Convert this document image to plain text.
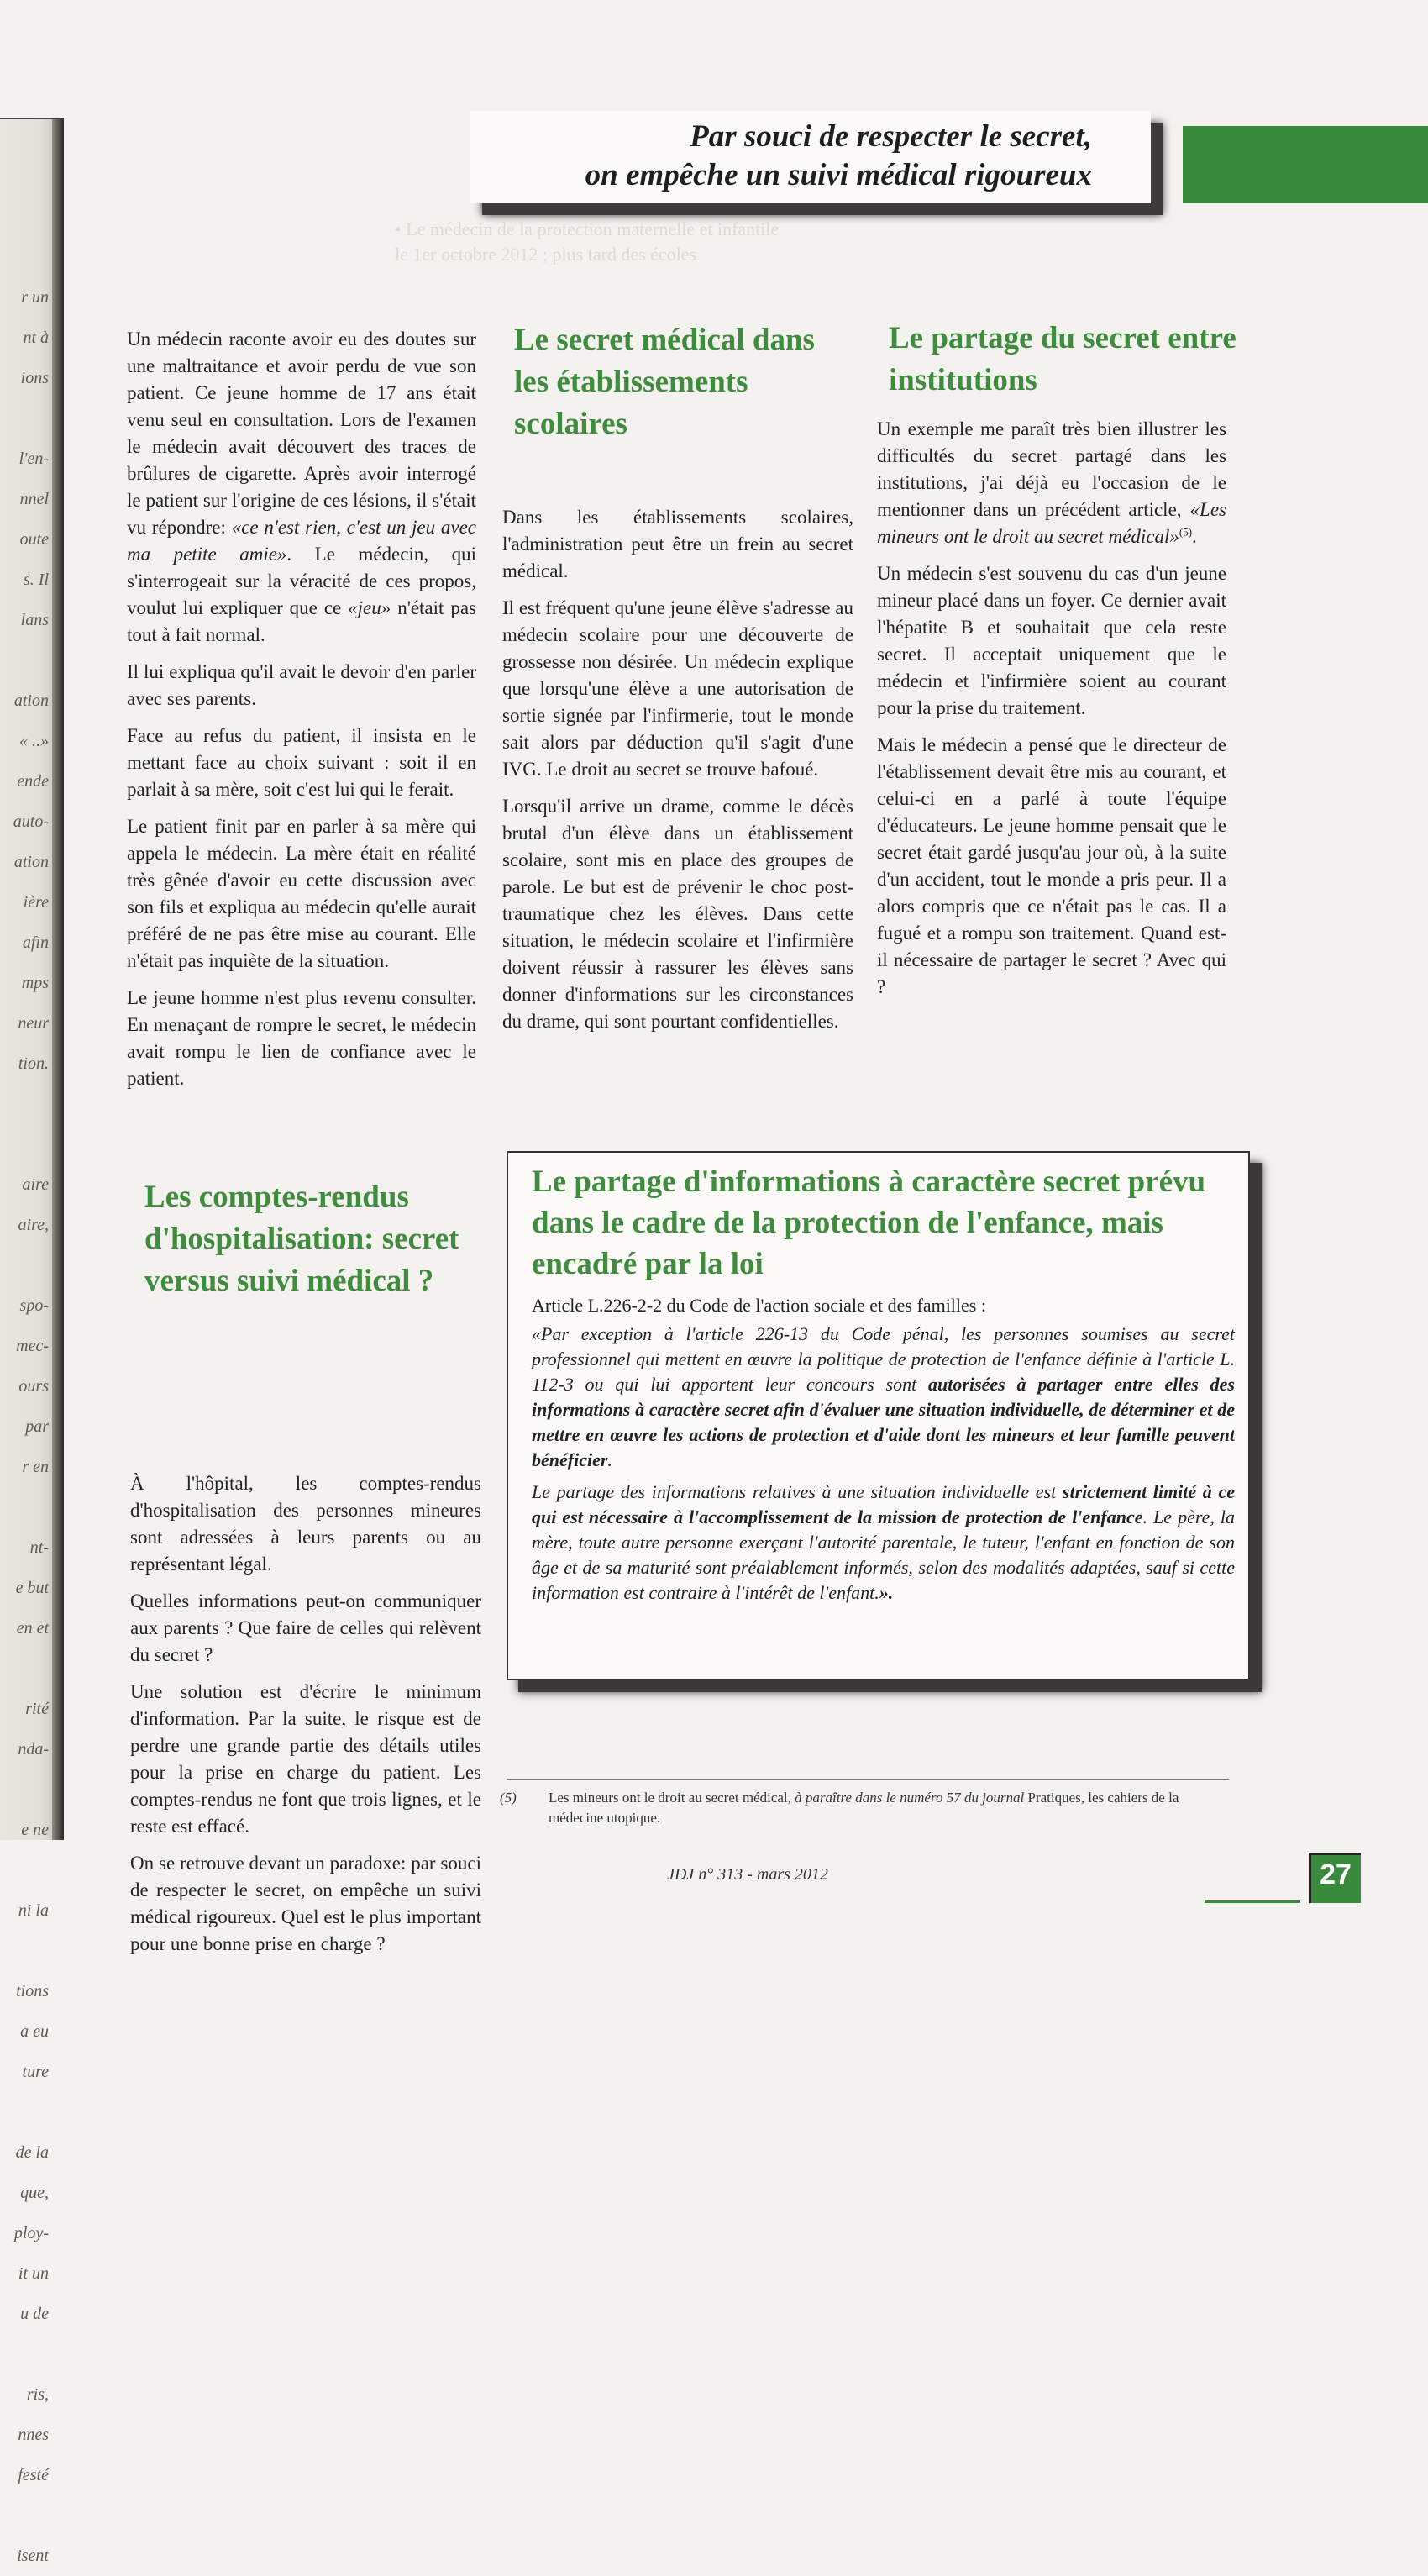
r un
nt à
ions
l'en-
nnel
oute
s. Il
lans
ation
« ..»
ende
auto-
ation
ière
afin
mps
neur
tion.
aire
aire,
spo-
mec-
ours
par
r en
nt-
e but
en et
rité
nda-
e ne
ni la
tions
a eu
ture
de la
que,
ploy-
it un
u de
ris,
nnes
festé
isent
Par souci de respecter le secret,
on empêche un suivi médical rigoureux
• Le médecin de la protection maternelle et infantile
le 1er octobre 2012 ; plus tard des écoles

Un médecin raconte avoir eu des doutes sur une maltraitance et avoir perdu de vue son patient. Ce jeune homme de 17 ans était venu seul en consultation. Lors de l'examen le médecin avait découvert des traces de brûlures de cigarette. Après avoir interrogé le patient sur l'origine de ces lésions, il s'était vu répondre: «ce n'est rien, c'est un jeu avec ma petite amie». Le médecin, qui s'interrogeait sur la véracité de ces propos, voulut lui expliquer que ce «jeu» n'était pas tout à fait normal.

Il lui expliqua qu'il avait le devoir d'en parler avec ses parents.

Face au refus du patient, il insista en le mettant face au choix suivant : soit il en parlait à sa mère, soit c'est lui qui le ferait.

Le patient finit par en parler à sa mère qui appela le médecin. La mère était en réalité très gênée d'avoir eu cette discussion avec son fils et expliqua au médecin qu'elle aurait préféré de ne pas être mise au courant. Elle n'était pas inquiète de la situation.

Le jeune homme n'est plus revenu consulter. En menaçant de rompre le secret, le médecin avait rompu le lien de confiance avec le patient.

Le secret médical dans les établissements scolaires

Dans les établissements scolaires, l'administration peut être un frein au secret médical.

Il est fréquent qu'une jeune élève s'adresse au médecin scolaire pour une découverte de grossesse non désirée. Un médecin explique que lorsqu'une élève a une autorisation de sortie signée par l'infirmerie, tout le monde sait alors par déduction qu'il s'agit d'une IVG. Le droit au secret se trouve bafoué.

Lorsqu'il arrive un drame, comme le décès brutal d'un élève dans un établissement scolaire, sont mis en place des groupes de parole. Le but est de prévenir le choc post-traumatique chez les élèves. Dans cette situation, le médecin scolaire et l'infirmière doivent réussir à rassurer les élèves sans donner d'informations sur les circonstances du drame, qui sont pourtant confidentielles.

Le partage du secret entre institutions

Un exemple me paraît très bien illustrer les difficultés du secret partagé dans les institutions, j'ai déjà eu l'occasion de le mentionner dans un précédent article, «Les mineurs ont le droit au secret médical»$^{(5)}$.

Un médecin s'est souvenu du cas d'un jeune mineur placé dans un foyer. Ce dernier avait l'hépatite B et souhaitait que cela reste secret. Il acceptait uniquement que le médecin et l'infirmière soient au courant pour la prise du traitement.

Mais le médecin a pensé que le directeur de l'établissement devait être mis au courant, et celui-ci en a parlé à toute l'équipe d'éducateurs. Le jeune homme pensait que le secret était gardé jusqu'au jour où, à la suite d'un accident, tout le monde a pris peur. Il a alors compris que ce n'était pas le cas. Il a fugué et a rompu son traitement. Quand est-il nécessaire de partager le secret ? Avec qui ?

Les comptes-rendus d'hospitalisation: secret versus suivi médical ?

À l'hôpital, les comptes-rendus d'hospitalisation des personnes mineures sont adressées à leurs parents ou au représentant légal.

Quelles informations peut-on communiquer aux parents ? Que faire de celles qui relèvent du secret ?

Une solution est d'écrire le minimum d'information. Par la suite, le risque est de perdre une grande partie des détails utiles pour la prise en charge du patient. Les comptes-rendus ne font que trois lignes, et le reste est effacé.

On se retrouve devant un paradoxe: par souci de respecter le secret, on empêche un suivi médical rigoureux. Quel est le plus important pour une bonne prise en charge ?

Le partage d'informations à caractère secret prévu dans le cadre de la protection de l'enfance, mais encadré par la loi

Article L.226-2-2 du Code de l'action sociale et des familles :

«Par exception à l'article 226-13 du Code pénal, les personnes soumises au secret professionnel qui mettent en œuvre la politique de protection de l'enfance définie à l'article L. 112-3 ou qui lui apportent leur concours sont autorisées à partager entre elles des informations à caractère secret afin d'évaluer une situation individuelle, de déterminer et de mettre en œuvre les actions de protection et d'aide dont les mineurs et leur famille peuvent bénéficier.

Le partage des informations relatives à une situation individuelle est strictement limité à ce qui est nécessaire à l'accomplissement de la mission de protection de l'enfance. Le père, la mère, toute autre personne exerçant l'autorité parentale, le tuteur, l'enfant en fonction de son âge et de sa maturité sont préalablement informés, selon des modalités adaptées, sauf si cette information est contraire à l'intérêt de l'enfant.».

(5) Les mineurs ont le droit au secret médical, à paraître dans le numéro 57 du journal Pratiques, les cahiers de la médecine utopique.
JDJ n° 313 - mars 2012	27
